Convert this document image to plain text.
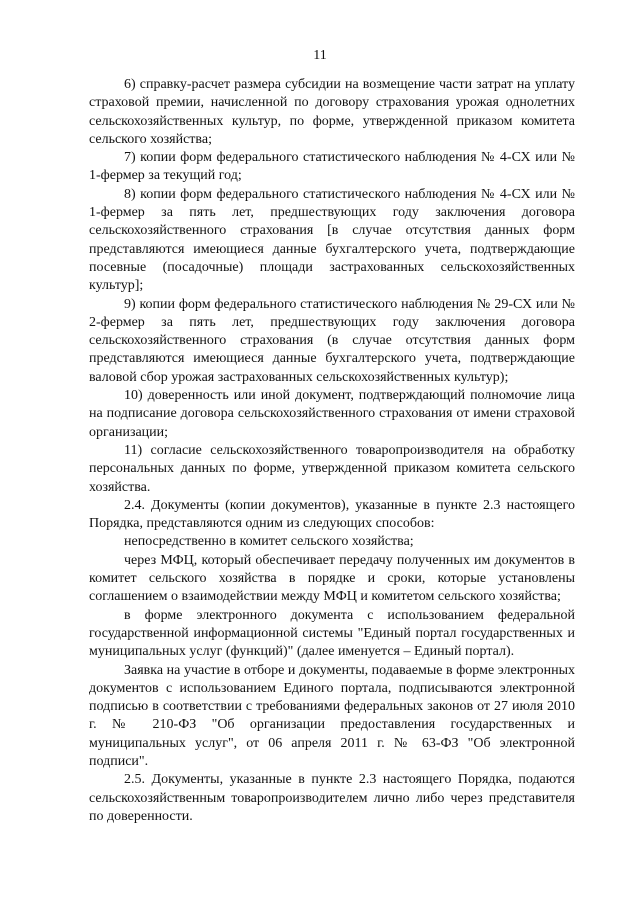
11

6) справку-расчет размера субсидии на возмещение части затрат на уплату страховой премии, начисленной по договору страхования урожая однолетних сельскохозяйственных культур, по форме, утвержденной приказом комитета сельского хозяйства;

7) копии форм федерального статистического наблюдения № 4-СХ или № 1-фермер за текущий год;

8) копии форм федерального статистического наблюдения № 4-СХ или № 1-фермер за пять лет, предшествующих году заключения договора сельскохозяйственного страхования [в случае отсутствия данных форм представляются имеющиеся данные бухгалтерского учета, подтверждающие посевные (посадочные) площади застрахованных сельскохозяйственных культур];

9) копии форм федерального статистического наблюдения № 29-СХ или № 2-фермер за пять лет, предшествующих году заключения договора сельскохозяйственного страхования (в случае отсутствия данных форм представляются имеющиеся данные бухгалтерского учета, подтверждающие валовой сбор урожая застрахованных сельскохозяйственных культур);

10) доверенность или иной документ, подтверждающий полномочие лица на подписание договора сельскохозяйственного страхования от имени страховой организации;

11) согласие сельскохозяйственного товаропроизводителя на обработку персональных данных по форме, утвержденной приказом комитета сельского хозяйства.

2.4. Документы (копии документов), указанные в пункте 2.3 настоящего Порядка, представляются одним из следующих способов:

непосредственно в комитет сельского хозяйства;

через МФЦ, который обеспечивает передачу полученных им документов в комитет сельского хозяйства в порядке и сроки, которые установлены соглашением о взаимодействии между МФЦ и комитетом сельского хозяйства;

в форме электронного документа с использованием федеральной государственной информационной системы "Единый портал государственных и муниципальных услуг (функций)" (далее именуется – Единый портал).

Заявка на участие в отборе и документы, подаваемые в форме электронных документов с использованием Единого портала, подписываются электронной подписью в соответствии с требованиями федеральных законов от 27 июля 2010 г. № 210-ФЗ "Об организации предоставления государственных и муниципальных услуг", от 06 апреля 2011 г. № 63-ФЗ "Об электронной подписи".

2.5. Документы, указанные в пункте 2.3 настоящего Порядка, подаются сельскохозяйственным товаропроизводителем лично либо через представителя по доверенности.
